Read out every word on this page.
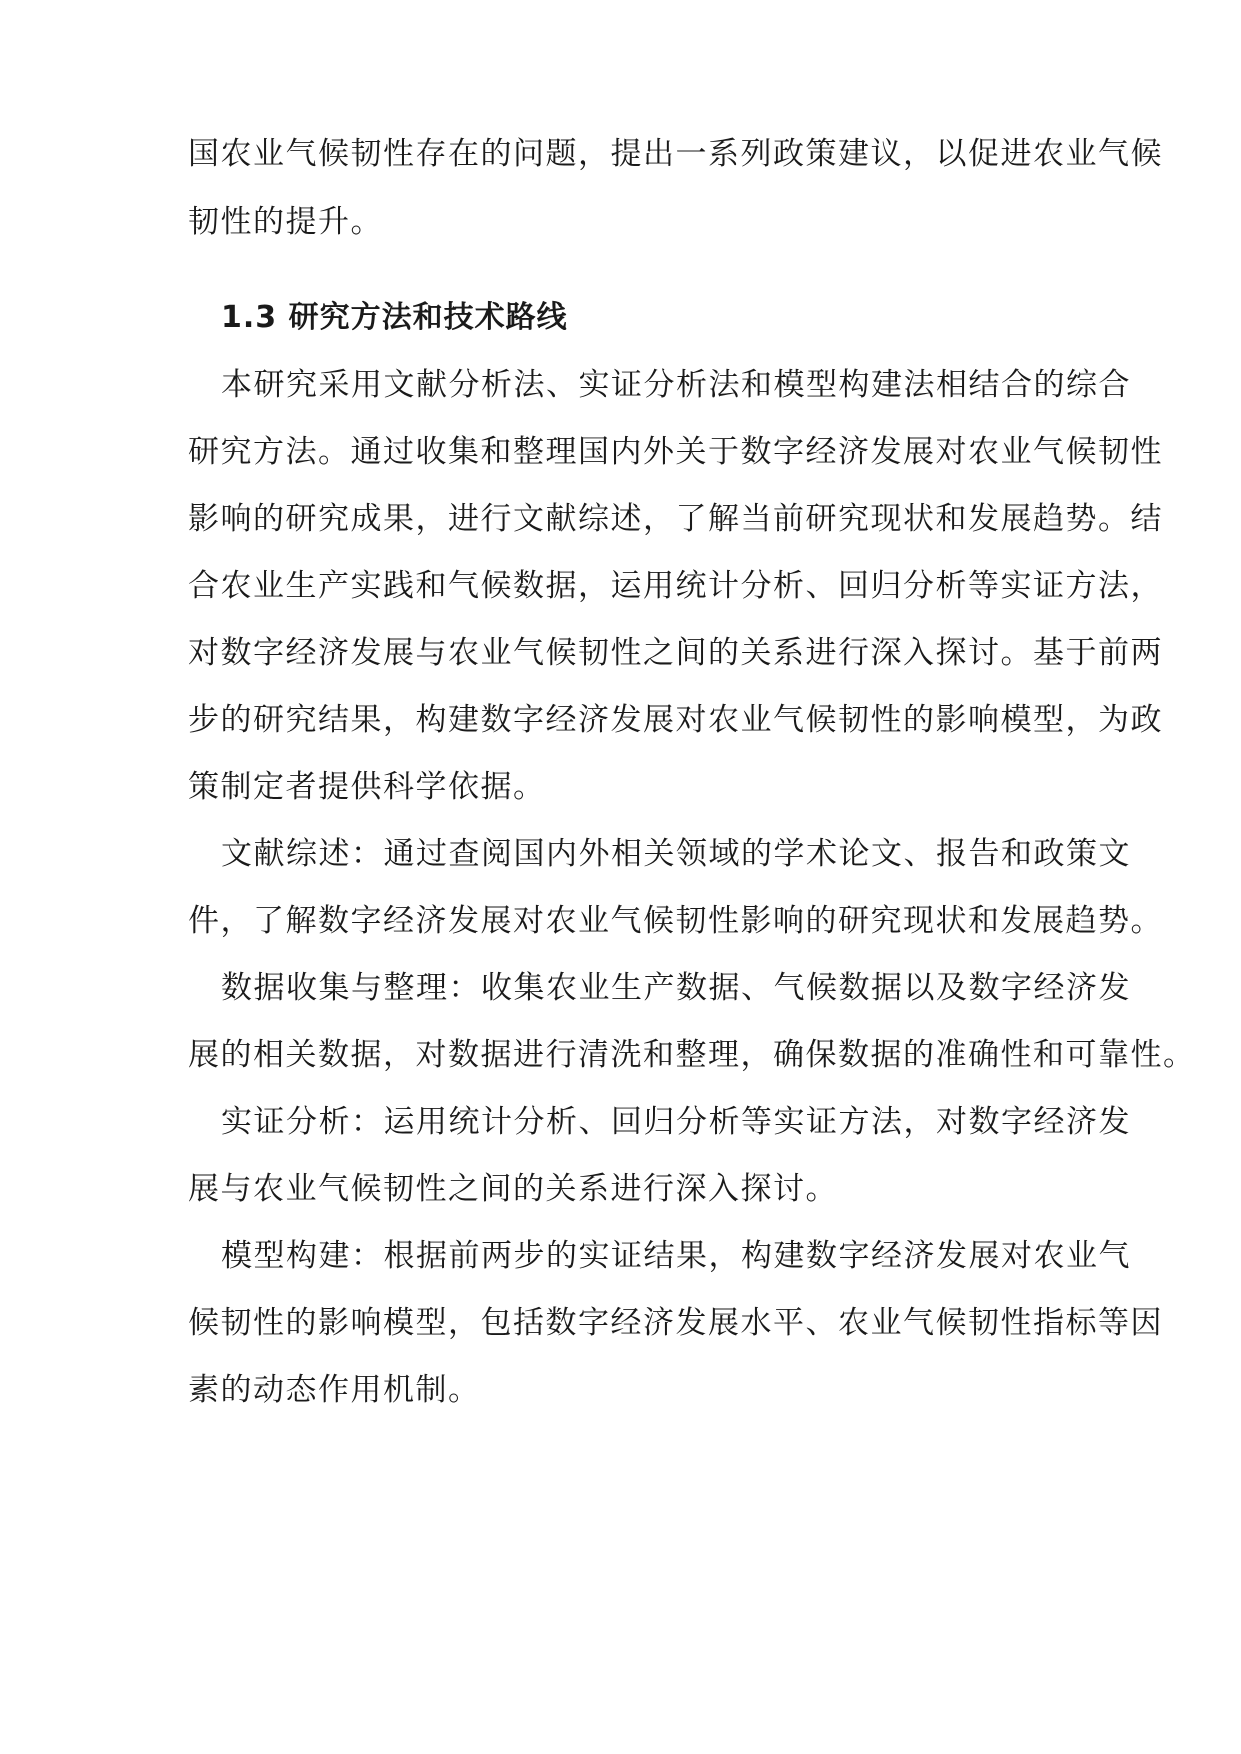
国农业气候韧性存在的问题，提出一系列政策建议，以促进农业气候
韧性的提升。
1.3 研究方法和技术路线
本研究采用文献分析法、实证分析法和模型构建法相结合的综合
研究方法。通过收集和整理国内外关于数字经济发展对农业气候韧性
影响的研究成果，进行文献综述，了解当前研究现状和发展趋势。结
合农业生产实践和气候数据，运用统计分析、回归分析等实证方法，
对数字经济发展与农业气候韧性之间的关系进行深入探讨。基于前两
步的研究结果，构建数字经济发展对农业气候韧性的影响模型，为政
策制定者提供科学依据。
文献综述：通过查阅国内外相关领域的学术论文、报告和政策文
件，了解数字经济发展对农业气候韧性影响的研究现状和发展趋势。
数据收集与整理：收集农业生产数据、气候数据以及数字经济发
展的相关数据，对数据进行清洗和整理，确保数据的准确性和可靠性。
实证分析：运用统计分析、回归分析等实证方法，对数字经济发
展与农业气候韧性之间的关系进行深入探讨。
模型构建：根据前两步的实证结果，构建数字经济发展对农业气
候韧性的影响模型，包括数字经济发展水平、农业气候韧性指标等因
素的动态作用机制。
